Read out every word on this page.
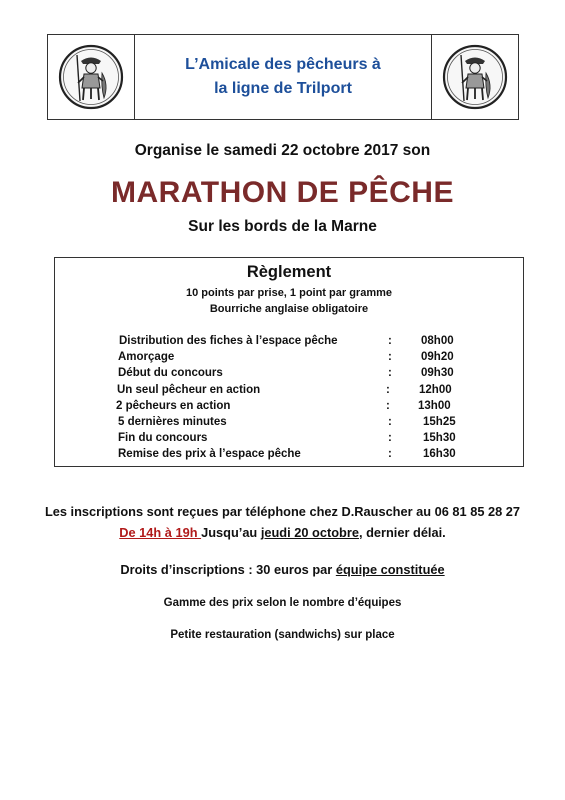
L’Amicale des pêcheurs à
la ligne de Trilport
Organise le samedi 22 octobre 2017 son
MARATHON DE PÊCHE
Sur les bords de la Marne
Règlement
10 points par prise, 1 point par gramme
Bourriche anglaise obligatoire
Distribution des fiches à l’espace pêche	:	08h00
Amorçage	:	09h20
Début du concours	:	09h30
Un seul pêcheur en action	:	12h00
2 pêcheurs en action	: 13h00
5 dernières minutes	:	15h25
Fin du concours	:	15h30
Remise des prix à l’espace pêche	:	16h30
Les inscriptions sont reçues par téléphone chez D.Rauscher au 06 81 85 28 27
De 14h à 19h Jusqu’au jeudi 20 octobre, dernier délai.
Droits d’inscriptions : 30 euros par équipe constituée
Gamme des prix selon le nombre d’équipes
Petite restauration (sandwichs) sur place
